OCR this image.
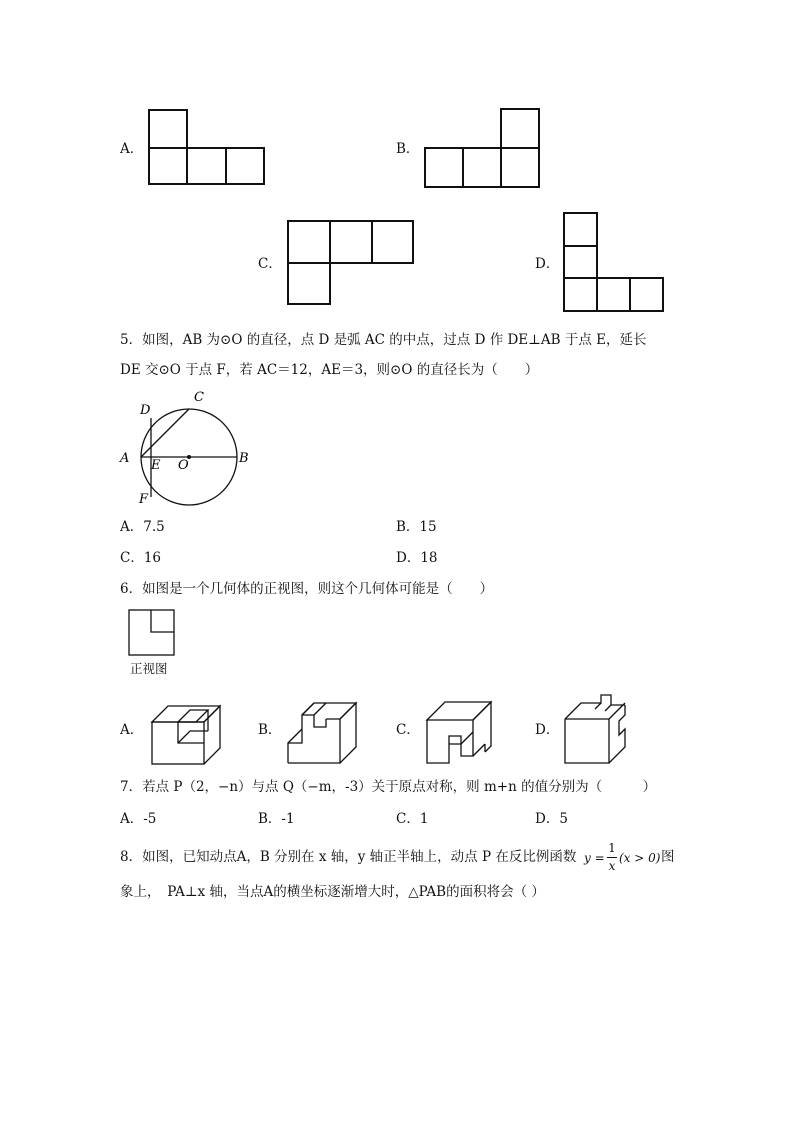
A．	B．
C．	D．
5．如图，AB 为⊙O 的直径，点 D 是弧 AC 的中点，过点 D 作 DE⊥AB 于点 E，延长
DE 交⊙O 于点 F，若 AC＝12，AE＝3，则⊙O 的直径长为（　　）
C
D
A E O	B
F
A．7.5	B．15
C．16	D．18
6．如图是一个几何体的正视图，则这个几何体可能是（　　）
正视图
A．	B．	C．	D．
7．若点 P（2，−n）与点 Q（−m，-3）关于原点对称，则 m+n 的值分别为（　　　）
A．-5	B．-1	C．1	D．5
8．如图，已知动点A，B 分别在 x 轴，y 轴正半轴上，动点 P 在反比例函数 y =
1
x
(x > 0) 图
象上，　PA⊥x 轴，当点A的横坐标逐渐增大时，△PAB的面积将会（ ）
